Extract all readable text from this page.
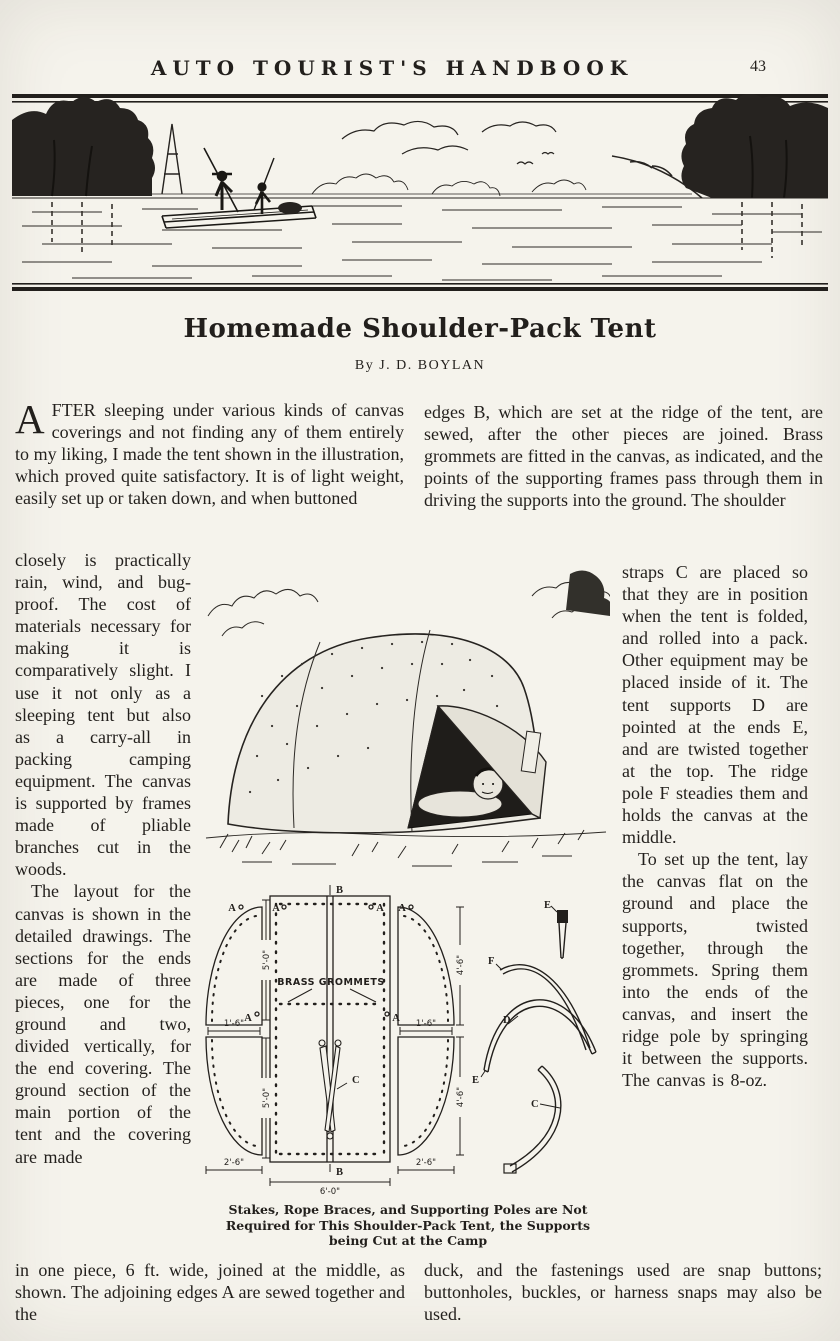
AUTO TOURIST'S HANDBOOK	43
Homemade Shoulder-Pack Tent
By J. D. BOYLAN
AFTER sleeping under various kinds of canvas coverings and not finding any of them entirely to my liking, I made the tent shown in the illustration, which proved quite satisfactory. It is of light weight, easily set up or taken down, and when buttoned
edges B, which are set at the ridge of the tent, are sewed, after the other pieces are joined. Brass grommets are fitted in the canvas, as indicated, and the points of the supporting frames pass through them in driving the supports into the ground. The shoulder

closely is practically rain, wind, and bug-proof. The cost of materials necessary for making it is comparatively slight. I use it not only as a sleeping tent but also as a carry-all in packing camping equipment. The canvas is supported by frames made of pliable branches cut in the woods.

The layout for the canvas is shown in the detailed drawings. The sections for the ends are made of three pieces, one for the ground and two, divided vertically, for the end covering. The ground section of the main portion of the tent and the covering are made

straps C are placed so that they are in position when the tent is folded, and rolled into a pack. Other equipment may be placed inside of it. The tent supports D are pointed at the ends E, and are twisted together at the top. The ridge pole F steadies them and holds the canvas at the middle.

To set up the tent, lay the canvas flat on the ground and place the supports, twisted together, through the grommets. Spring them into the ends of the canvas, and insert the ridge pole by springing it between the supports. The canvas is 8-oz.

BRASS GROMMETS
B
B
A	A	A A
A	A
C
E
F
D
E
C
1'-6"	1'-6"
2'-6"	2'-6"
6'-0"
5'-0"
5'-0"
4'-6"
4'-6"
Stakes, Rope Braces, and Supporting Poles are Not Required for This Shoulder-Pack Tent, the Supports being Cut at the Camp
in one piece, 6 ft. wide, joined at the middle, as shown. The adjoining edges A are sewed together and the
duck, and the fastenings used are snap buttons; buttonholes, buckles, or harness snaps may also be used.
